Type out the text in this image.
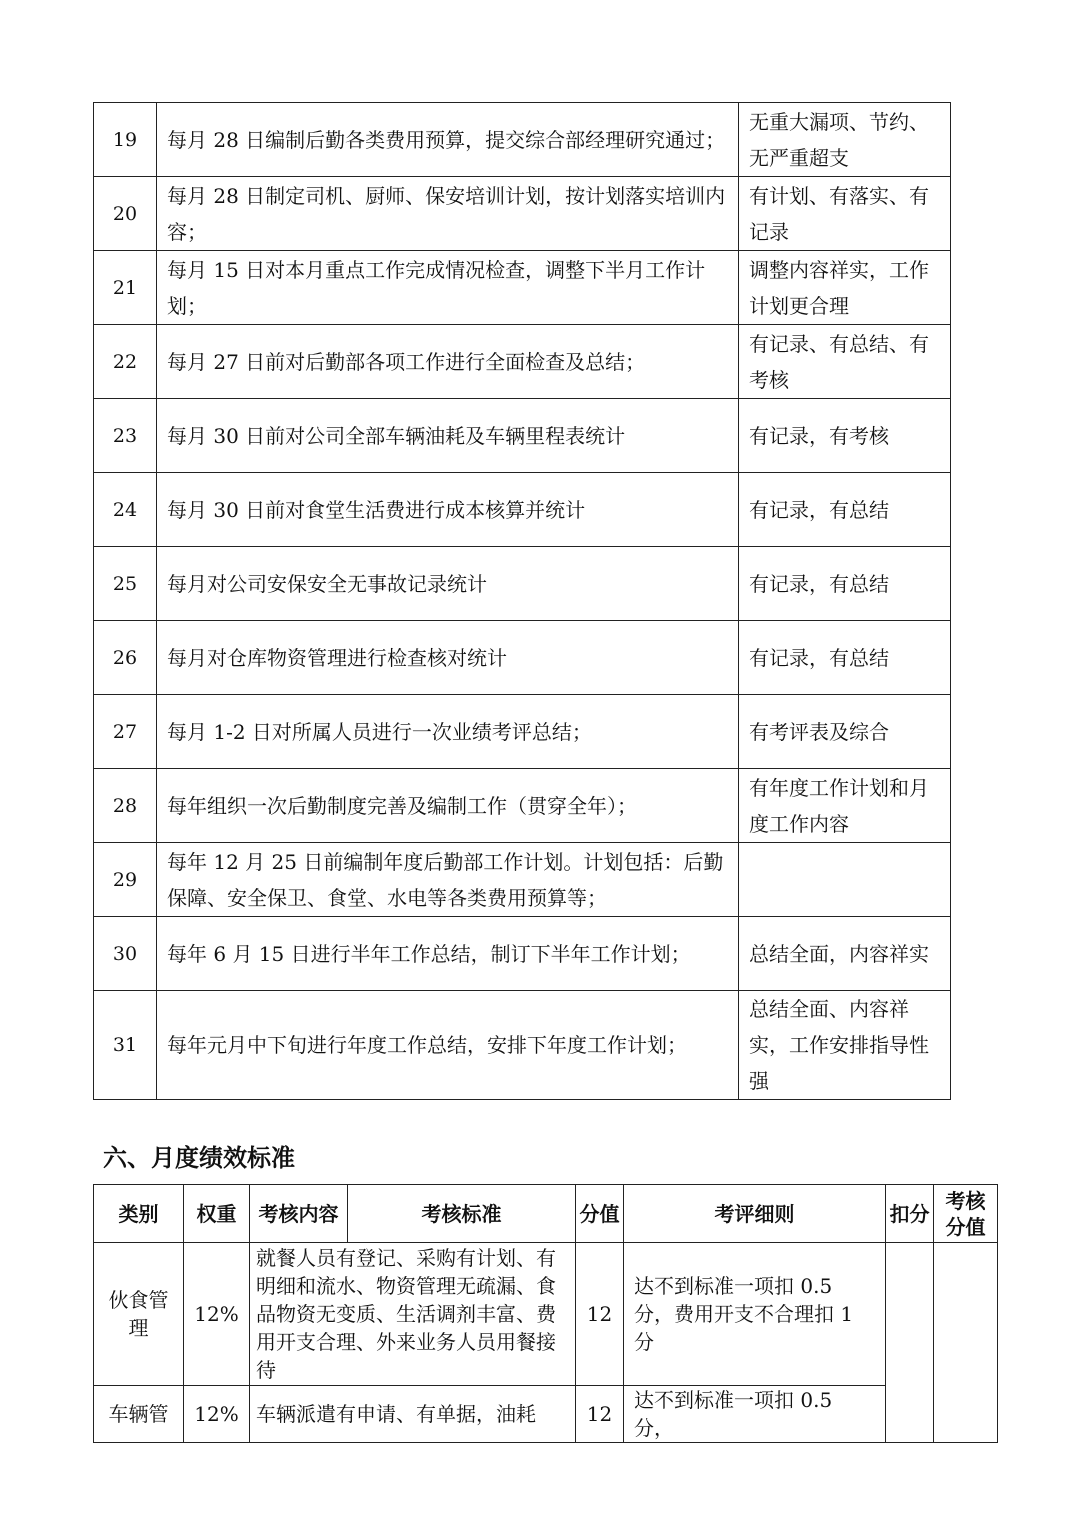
19	每月 28 日编制后勤各类费用预算，提交综合部经理研究通过；	无重大漏项、节约、无严重超支
20	每月 28 日制定司机、厨师、保安培训计划，按计划落实培训内容；	有计划、有落实、有记录
21	每月 15 日对本月重点工作完成情况检查，调整下半月工作计划；	调整内容祥实，工作计划更合理
22	每月 27 日前对后勤部各项工作进行全面检查及总结；	有记录、有总结、有考核
23	每月 30 日前对公司全部车辆油耗及车辆里程表统计	有记录，有考核
24	每月 30 日前对食堂生活费进行成本核算并统计	有记录，有总结
25	每月对公司安保安全无事故记录统计	有记录，有总结
26	每月对仓库物资管理进行检查核对统计	有记录，有总结
27	每月 1-2 日对所属人员进行一次业绩考评总结；	有考评表及综合
28	每年组织一次后勤制度完善及编制工作（贯穿全年）；	有年度工作计划和月度工作内容
29	每年 12 月 25 日前编制年度后勤部工作计划。计划包括：后勤保障、安全保卫、食堂、水电等各类费用预算等；	
30	每年 6 月 15 日进行半年工作总结，制订下半年工作计划；	总结全面，内容祥实
31	每年元月中下旬进行年度工作总结，安排下年度工作计划；	总结全面、内容祥实，工作安排指导性强
六、月度绩效标准
类别	权重	考核内容	考核标准	分值	考评细则	扣分	考核分值
伙食管理	12%	就餐人员有登记、采购有计划、有明细和流水、物资管理无疏漏、食品物资无变质、生活调剂丰富、费用开支合理、外来业务人员用餐接待		12	达不到标准一项扣 0.5 分，费用开支不合理扣 1 分		
车辆管	12%	车辆派遣有申请、有单据，油耗		12	达不到标准一项扣 0.5 分，		
